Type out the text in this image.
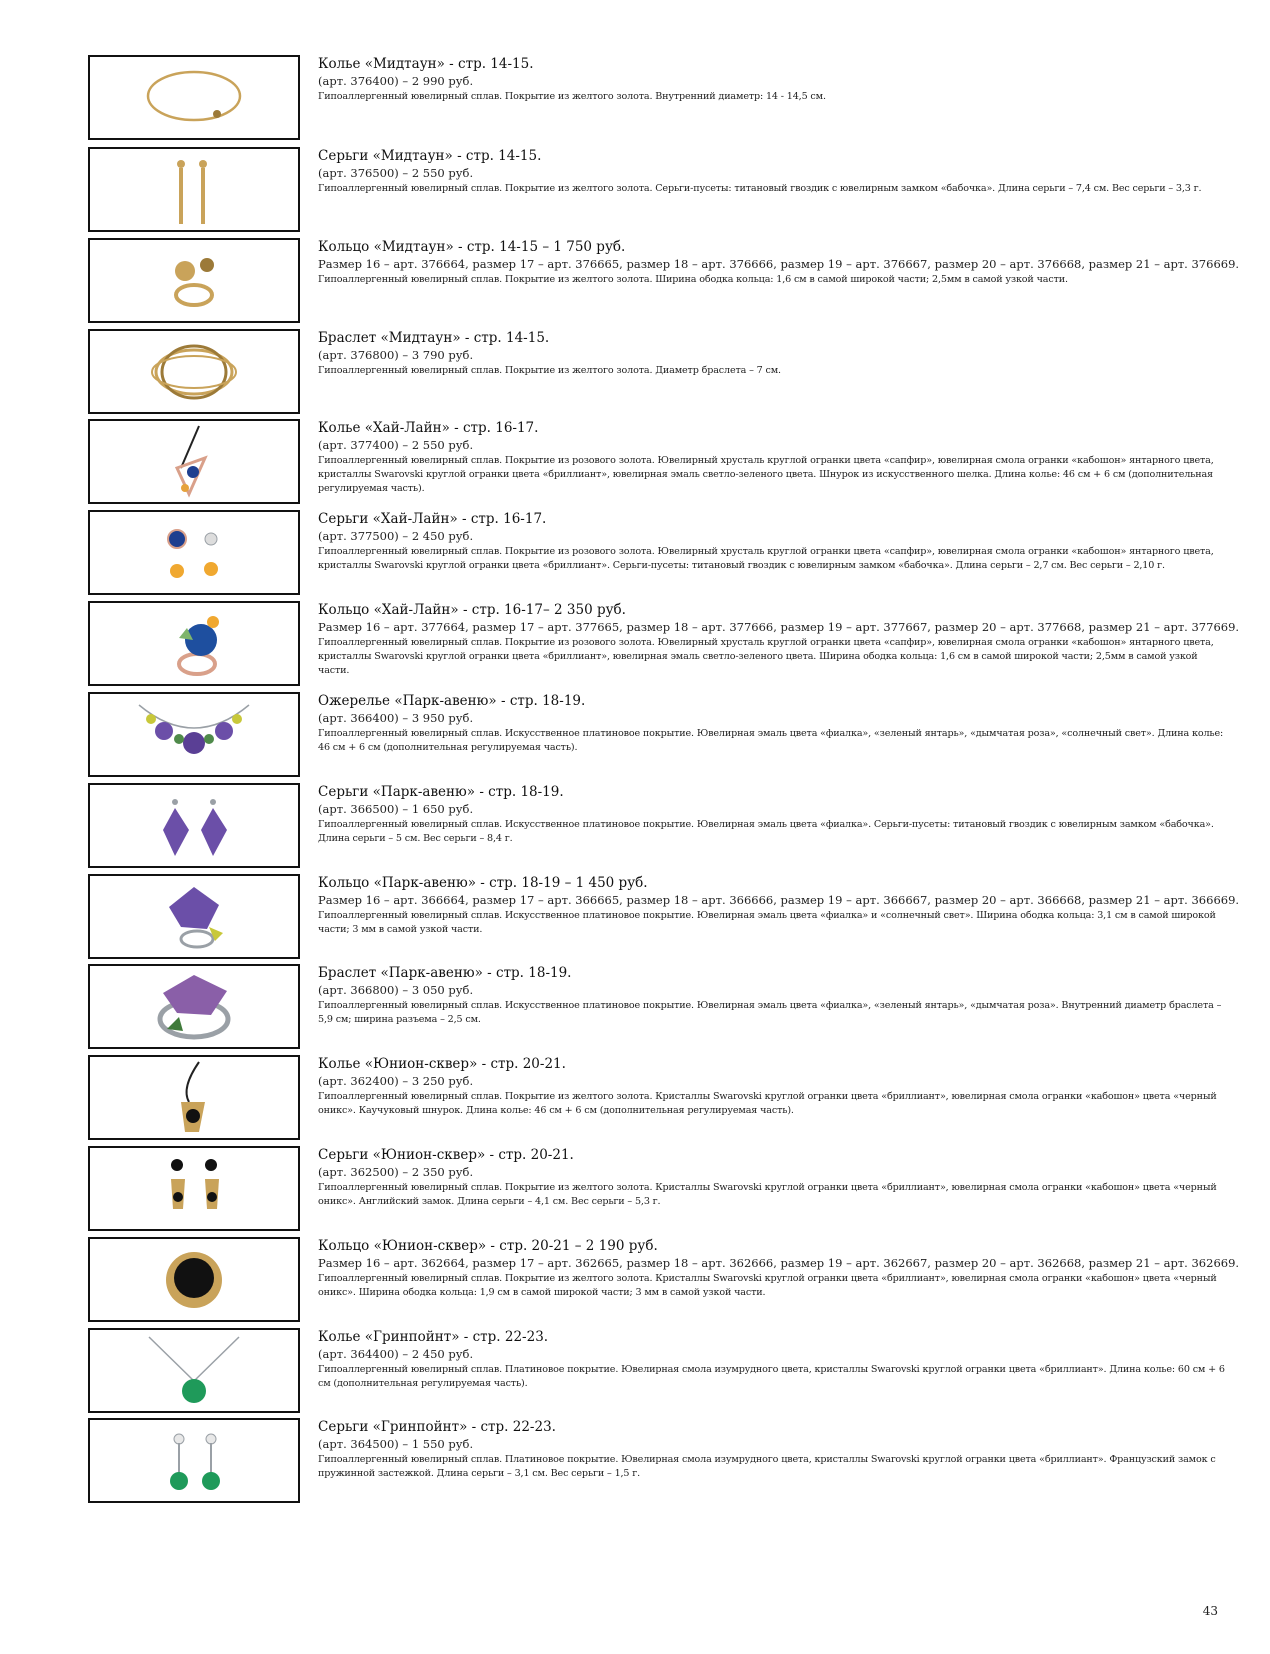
Колье «Мидтаун» - стр. 14-15.
(арт. 376400) – 2 990 руб.
Гипоаллергенный ювелирный сплав. Покрытие из желтого золота. Внутренний диаметр: 14 - 14,5 см.
Серьги «Мидтаун» - стр. 14-15.
(арт. 376500) – 2 550 руб.
Гипоаллергенный ювелирный сплав. Покрытие из желтого золота. Серьги-пусеты: титановый гвоздик с ювелирным замком «бабочка». Длина серьги – 7,4 см. Вес серьги – 3,3 г.
Кольцо «Мидтаун» - стр. 14-15 – 1 750 руб.
Размер 16 – арт. 376664, размер 17 – арт. 376665, размер 18 – арт. 376666, размер 19 – арт. 376667, размер 20 – арт. 376668, размер 21 – арт. 376669.
Гипоаллергенный ювелирный сплав. Покрытие из желтого золота. Ширина ободка кольца: 1,6 см в самой широкой части; 2,5мм в самой узкой части.
Браслет «Мидтаун» - стр. 14-15.
(арт. 376800) – 3 790 руб.
Гипоаллергенный ювелирный сплав. Покрытие из желтого золота. Диаметр браслета – 7 см.
Колье «Хай-Лайн» - стр. 16-17.
(арт. 377400) – 2 550 руб.
Гипоаллергенный ювелирный сплав. Покрытие из розового золота. Ювелирный хрусталь круглой огранки цвета «сапфир», ювелирная смола огранки «кабошон» янтарного цвета, кристаллы Swarovski круглой огранки цвета «бриллиант», ювелирная эмаль светло-зеленого цвета. Шнурок из искусственного шелка. Длина колье: 46 см + 6 см (дополнительная регулируемая часть).
Серьги «Хай-Лайн» - стр. 16-17.
(арт. 377500) – 2 450 руб.
Гипоаллергенный ювелирный сплав. Покрытие из розового золота. Ювелирный хрусталь круглой огранки цвета «сапфир», ювелирная смола огранки «кабошон» янтарного цвета, кристаллы Swarovski круглой огранки цвета «бриллиант». Серьги-пусеты: титановый гвоздик с ювелирным замком «бабочка». Длина серьги – 2,7 см. Вес серьги – 2,10 г.
Кольцо «Хай-Лайн» - стр. 16-17– 2 350 руб.
Размер 16 – арт. 377664, размер 17 – арт. 377665, размер 18 – арт. 377666, размер 19 – арт. 377667, размер 20 – арт. 377668, размер 21 – арт. 377669.
Гипоаллергенный ювелирный сплав. Покрытие из розового золота. Ювелирный хрусталь круглой огранки цвета «сапфир», ювелирная смола огранки «кабошон» янтарного цвета, кристаллы Swarovski круглой огранки цвета «бриллиант», ювелирная эмаль светло-зеленого цвета. Ширина ободка кольца: 1,6 см в самой широкой части; 2,5мм в самой узкой части.
Ожерелье «Парк-авеню» - стр. 18-19.
(арт. 366400) – 3 950 руб.
Гипоаллергенный ювелирный сплав. Искусственное платиновое покрытие. Ювелирная эмаль цвета «фиалка», «зеленый янтарь», «дымчатая роза», «солнечный свет». Длина колье: 46 см + 6 см (дополнительная регулируемая часть).
Серьги «Парк-авеню» - стр. 18-19.
(арт. 366500) – 1 650 руб.
Гипоаллергенный ювелирный сплав. Искусственное платиновое покрытие. Ювелирная эмаль цвета «фиалка». Серьги-пусеты: титановый гвоздик с ювелирным замком «бабочка». Длина серьги – 5 см. Вес серьги – 8,4 г.
Кольцо «Парк-авеню» - стр. 18-19 – 1 450 руб.
Размер 16 – арт. 366664, размер 17 – арт. 366665, размер 18 – арт. 366666, размер 19 – арт. 366667, размер 20 – арт. 366668, размер 21 – арт. 366669.
Гипоаллергенный ювелирный сплав. Искусственное платиновое покрытие. Ювелирная эмаль цвета «фиалка» и «солнечный свет». Ширина ободка кольца: 3,1 см в самой широкой части; 3 мм в самой узкой части.
Браслет «Парк-авеню» - стр. 18-19.
(арт. 366800) – 3 050 руб.
Гипоаллергенный ювелирный сплав. Искусственное платиновое покрытие. Ювелирная эмаль цвета «фиалка», «зеленый янтарь», «дымчатая роза». Внутренний диаметр браслета – 5,9 см; ширина разъема – 2,5 см.
Колье «Юнион-сквер» - стр. 20-21.
(арт. 362400) – 3 250 руб.
Гипоаллергенный ювелирный сплав. Покрытие из желтого золота. Кристаллы Swarovski круглой огранки цвета «бриллиант», ювелирная смола огранки «кабошон» цвета «черный оникс». Каучуковый шнурок. Длина колье: 46 см + 6 см (дополнительная регулируемая часть).
Серьги «Юнион-сквер» - стр. 20-21.
(арт. 362500) – 2 350 руб.
Гипоаллергенный ювелирный сплав. Покрытие из желтого золота. Кристаллы Swarovski круглой огранки цвета «бриллиант», ювелирная смола огранки «кабошон» цвета «черный оникс». Английский замок. Длина серьги – 4,1 см. Вес серьги – 5,3 г.
Кольцо «Юнион-сквер» - стр. 20-21 – 2 190 руб.
Размер 16 – арт. 362664, размер 17 – арт. 362665, размер 18 – арт. 362666, размер 19 – арт. 362667, размер 20 – арт. 362668, размер 21 – арт. 362669.
Гипоаллергенный ювелирный сплав. Покрытие из желтого золота. Кристаллы Swarovski круглой огранки цвета «бриллиант», ювелирная смола огранки «кабошон» цвета «черный оникс». Ширина ободка кольца: 1,9 см в самой широкой части; 3 мм в самой узкой части.
Колье «Гринпойнт» - стр. 22-23.
(арт. 364400) – 2 450 руб.
Гипоаллергенный ювелирный сплав. Платиновое покрытие. Ювелирная смола изумрудного цвета, кристаллы Swarovski круглой огранки цвета «бриллиант». Длина колье: 60 см + 6 см (дополнительная регулируемая часть).
Серьги «Гринпойнт» - стр. 22-23.
(арт. 364500) – 1 550 руб.
Гипоаллергенный ювелирный сплав. Платиновое покрытие. Ювелирная смола изумрудного цвета, кристаллы Swarovski круглой огранки цвета «бриллиант». Французский замок с пружинной застежкой. Длина серьги – 3,1 см. Вес серьги – 1,5 г.
43
